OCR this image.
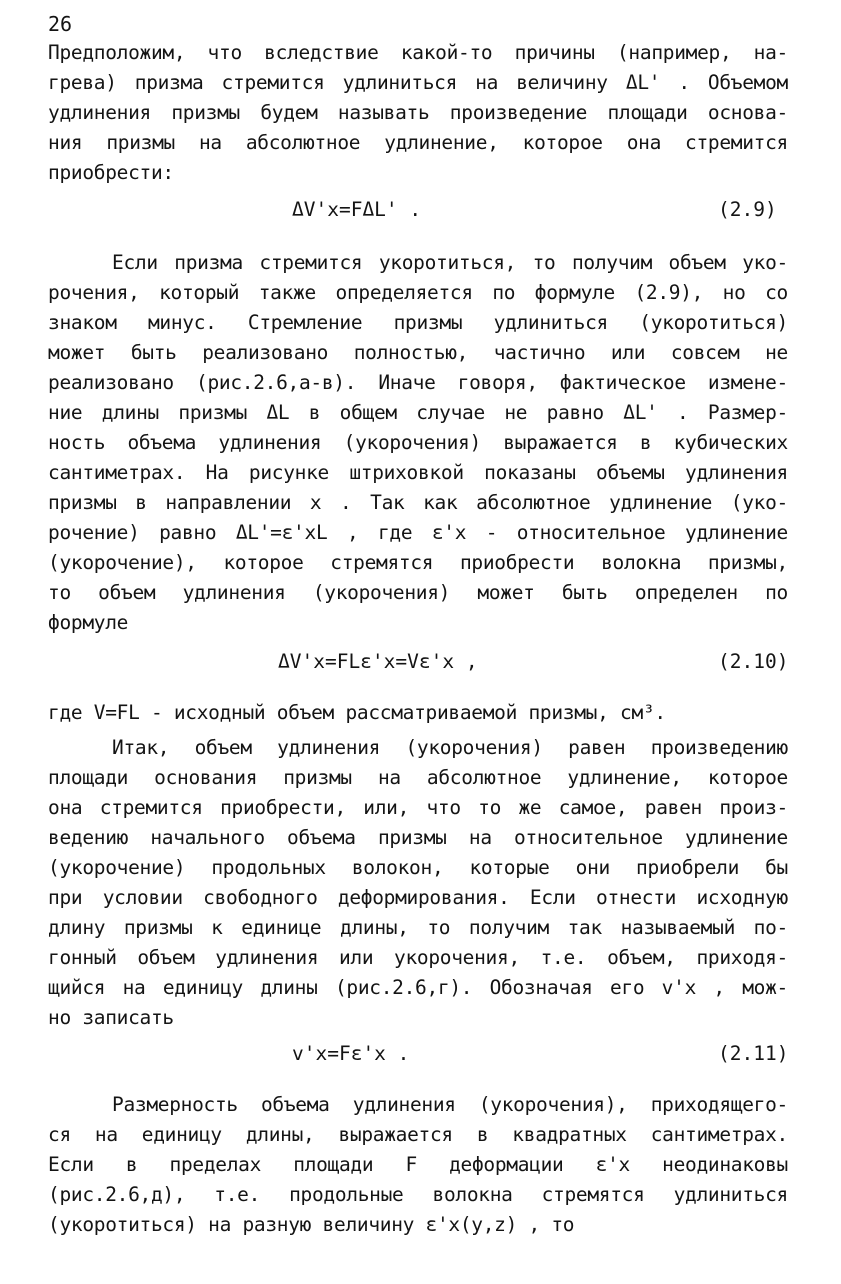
26
Предположим, что вследствие какой-то причины (например, на-
грева) призма стремится удлиниться на величину ΔL' . Объемом
удлинения призмы будем называть произведение площади основа-
ния призмы на абсолютное удлинение, которое она стремится
приобрести:
ΔV'x=FΔL' .	(2.9)
Если призма стремится укоротиться, то получим объем уко-
рочения, который также определяется по формуле (2.9), но со
знаком минус. Стремление призмы удлиниться (укоротиться)
может быть реализовано полностью, частично или совсем не
реализовано (рис.2.6,а-в). Иначе говоря, фактическое измене-
ние длины призмы ΔL в общем случае не равно ΔL' . Размер-
ность объема удлинения (укорочения) выражается в кубических
сантиметрах. На рисунке штриховкой показаны объемы удлинения
призмы в направлении x . Так как абсолютное удлинение (уко-
рочение) равно ΔL'=ε'xL , где ε'x - относительное удлинение
(укорочение), которое стремятся приобрести волокна призмы,
то объем удлинения (укорочения) может быть определен по
формуле
ΔV'x=FLε'x=Vε'x ,	(2.10)
где V=FL - исходный объем рассматриваемой призмы, см³.
Итак, объем удлинения (укорочения) равен произведению
площади основания призмы на абсолютное удлинение, которое
она стремится приобрести, или, что то же самое, равен произ-
ведению начального объема призмы на относительное удлинение
(укорочение) продольных волокон, которые они приобрели бы
при условии свободного деформирования. Если отнести исходную
длину призмы к единице длины, то получим так называемый по-
гонный объем удлинения или укорочения, т.е. объем, приходя-
щийся на единицу длины (рис.2.6,г). Обозначая его v'x , мож-
но записать
v'x=Fε'x .	(2.11)
Размерность объема удлинения (укорочения), приходящего-
ся на единицу длины, выражается в квадратных сантиметрах.
Если в пределах площади F деформации ε'x неодинаковы
(рис.2.6,д), т.е. продольные волокна стремятся удлиниться
(укоротиться) на разную величину ε'x(y,z) , то
